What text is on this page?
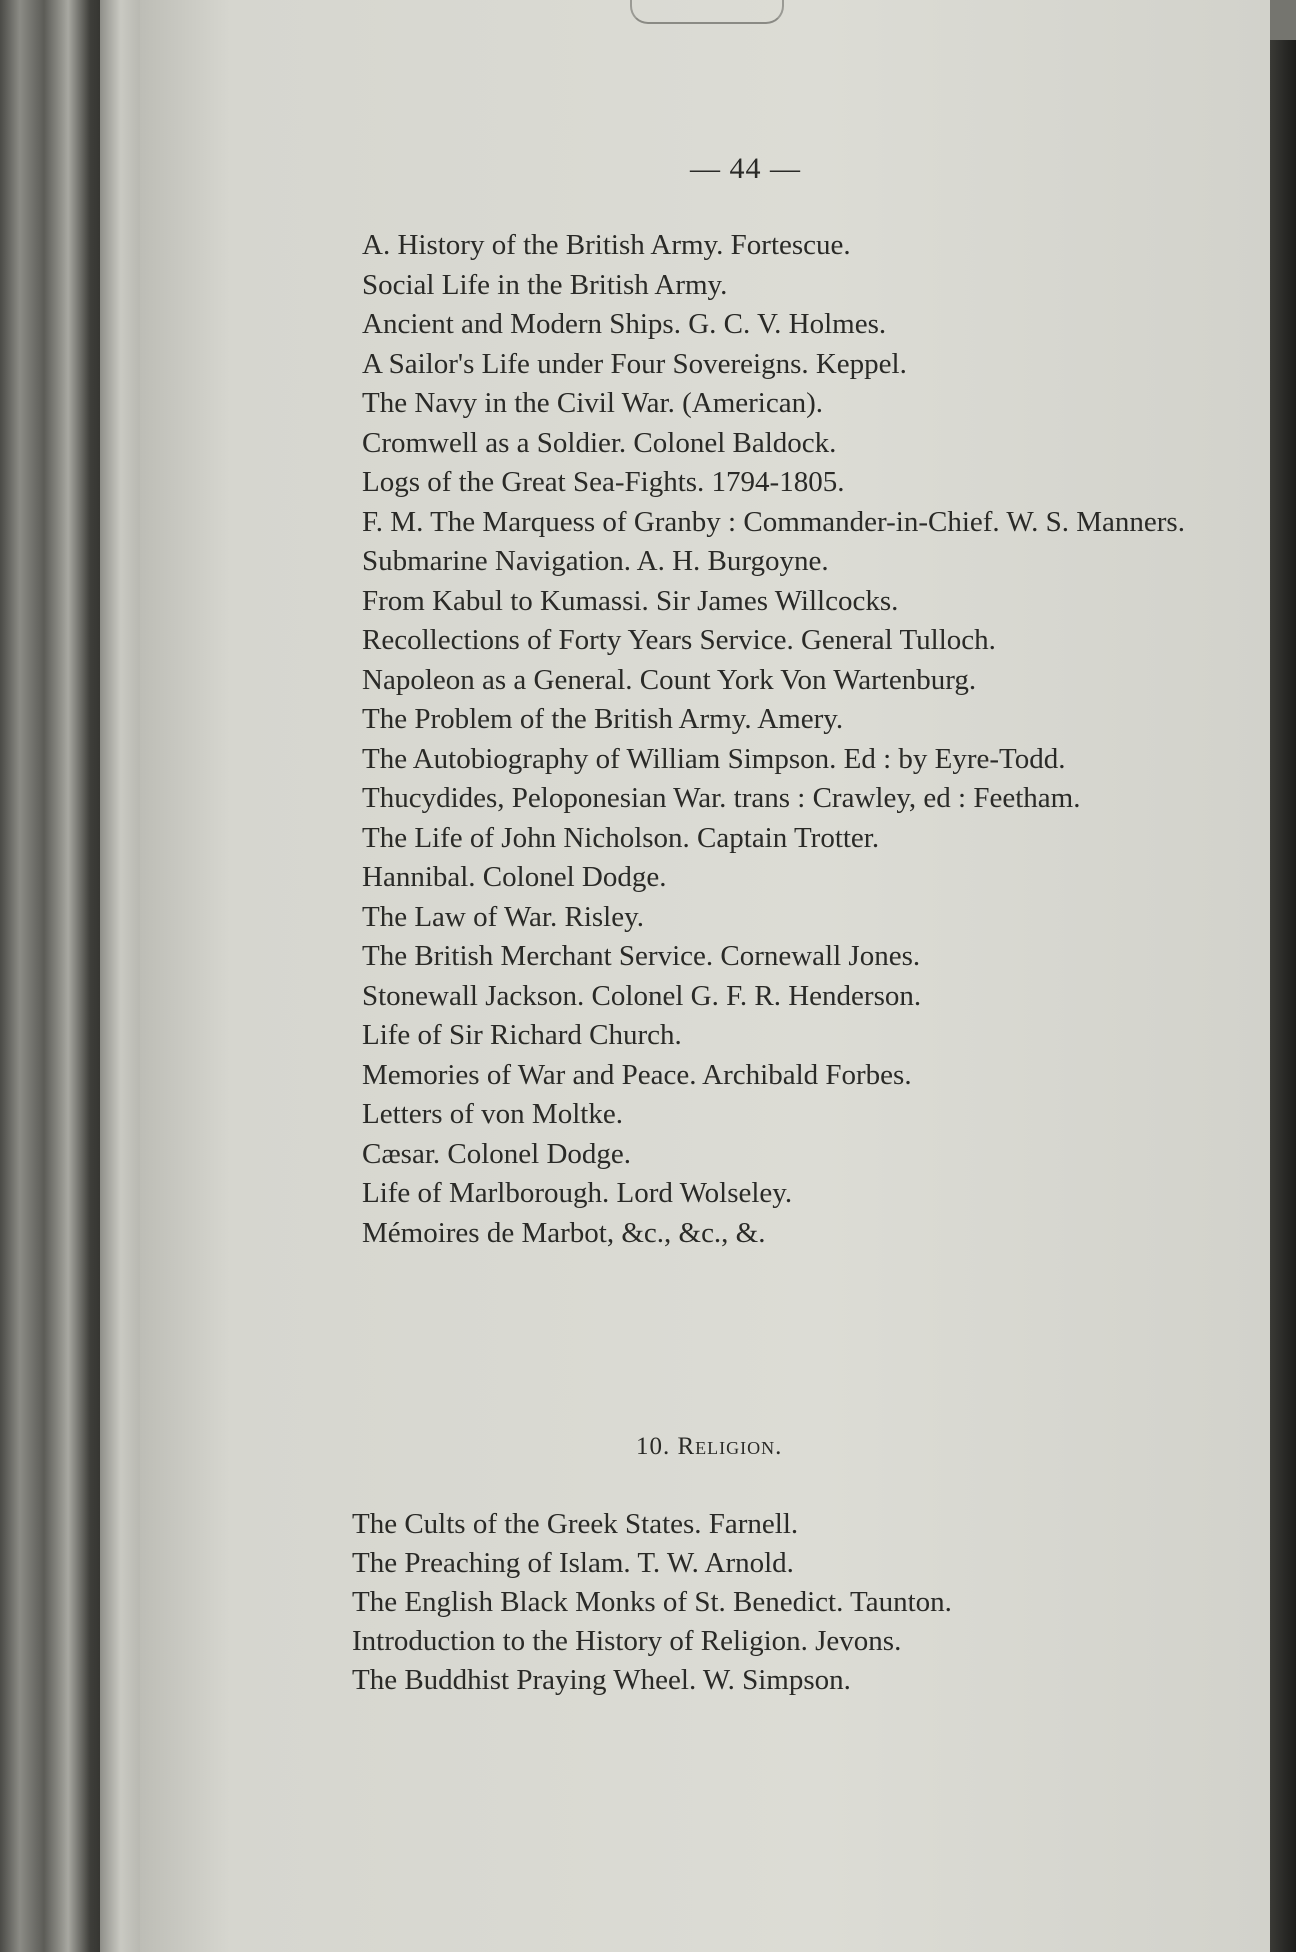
— 44 —
A. History of the British Army. Fortescue.
Social Life in the British Army.
Ancient and Modern Ships. G. C. V. Holmes.
A Sailor's Life under Four Sovereigns. Keppel.
The Navy in the Civil War. (American).
Cromwell as a Soldier. Colonel Baldock.
Logs of the Great Sea-Fights. 1794-1805.
F. M. The Marquess of Granby : Commander-in-Chief. W. S. Manners.
Submarine Navigation. A. H. Burgoyne.
From Kabul to Kumassi. Sir James Willcocks.
Recollections of Forty Years Service. General Tulloch.
Napoleon as a General. Count York Von Wartenburg.
The Problem of the British Army. Amery.
The Autobiography of William Simpson. Ed : by Eyre-Todd.
Thucydides, Peloponesian War. trans : Crawley, ed : Feetham.
The Life of John Nicholson. Captain Trotter.
Hannibal. Colonel Dodge.
The Law of War. Risley.
The British Merchant Service. Cornewall Jones.
Stonewall Jackson. Colonel G. F. R. Henderson.
Life of Sir Richard Church.
Memories of War and Peace. Archibald Forbes.
Letters of von Moltke.
Cæsar. Colonel Dodge.
Life of Marlborough. Lord Wolseley.
Mémoires de Marbot, &c., &c., &.
10. Religion.
The Cults of the Greek States. Farnell.
The Preaching of Islam. T. W. Arnold.
The English Black Monks of St. Benedict. Taunton.
Introduction to the History of Religion. Jevons.
The Buddhist Praying Wheel. W. Simpson.
